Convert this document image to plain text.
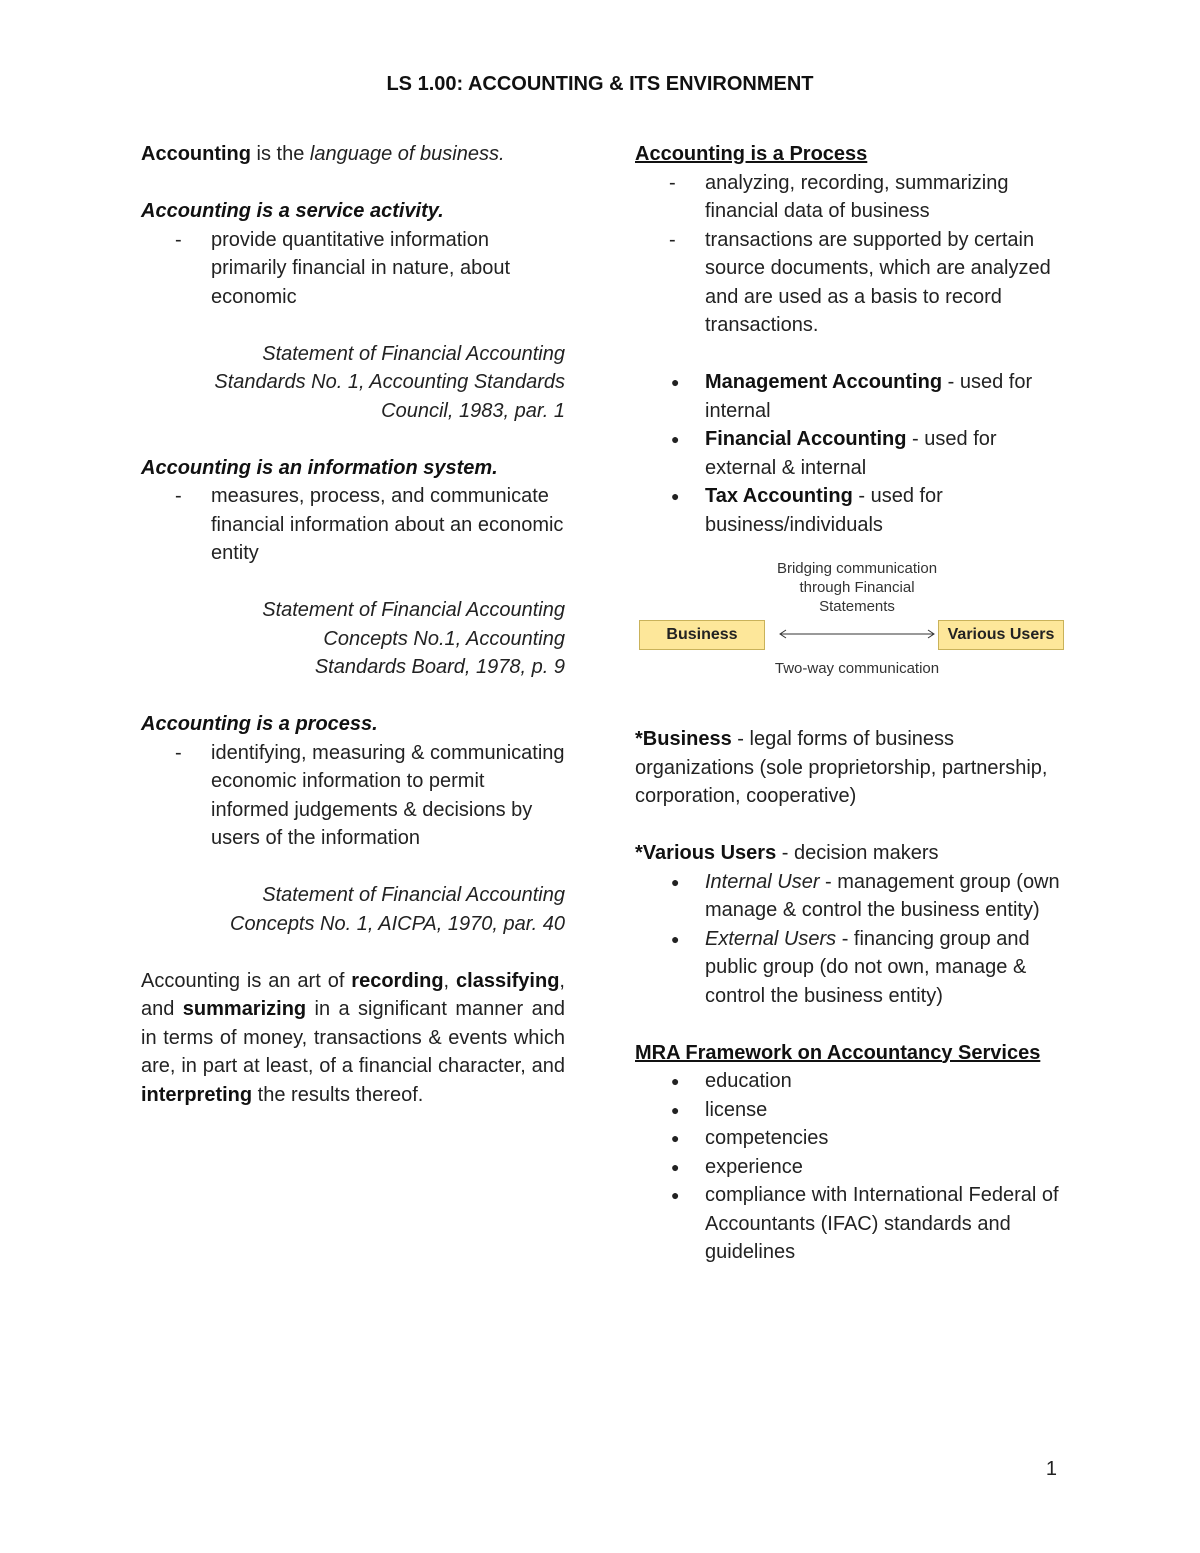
LS 1.00: ACCOUNTING & ITS ENVIRONMENT

Accounting is the language of business.

Accounting is a service activity.

-	provide quantitative information primarily financial in nature, about economic

Statement of Financial Accounting

Standards No. 1, Accounting Standards

Council, 1983, par. 1

Accounting is an information system.

-	measures, process, and communicate financial information about an economic entity

Statement of Financial Accounting

Concepts No.1, Accounting

Standards Board, 1978, p. 9

Accounting is a process.

-	identifying, measuring & communicating economic information to permit informed judgements & decisions by users of the information

Statement of Financial Accounting

Concepts No. 1, AICPA, 1970, par. 40

Accounting is an art of recording, classifying, and summarizing in a significant manner and in terms of money, transactions & events which are, in part at least, of a financial character, and interpreting the results thereof.

Accounting is a Process

-	analyzing, recording, summarizing financial data of business
-	transactions are supported by certain source documents, which are analyzed and are used as a basis to record transactions.
●	Management Accounting - used for internal
●	Financial Accounting - used for external & internal
●	Tax Accounting - used for business/individuals
Bridging communication
through Financial
Statements
Business	Various Users
Two-way communication

*Business - legal forms of business organizations (sole proprietorship, partnership, corporation, cooperative)

*Various Users - decision makers

●	Internal User - management group (own manage & control the business entity)
●	External Users - financing group and public group (do not own, manage & control the business entity)

MRA Framework on Accountancy Services

●	education
●	license
●	competencies
●	experience
●	compliance with International Federal of Accountants (IFAC) standards and guidelines
1
